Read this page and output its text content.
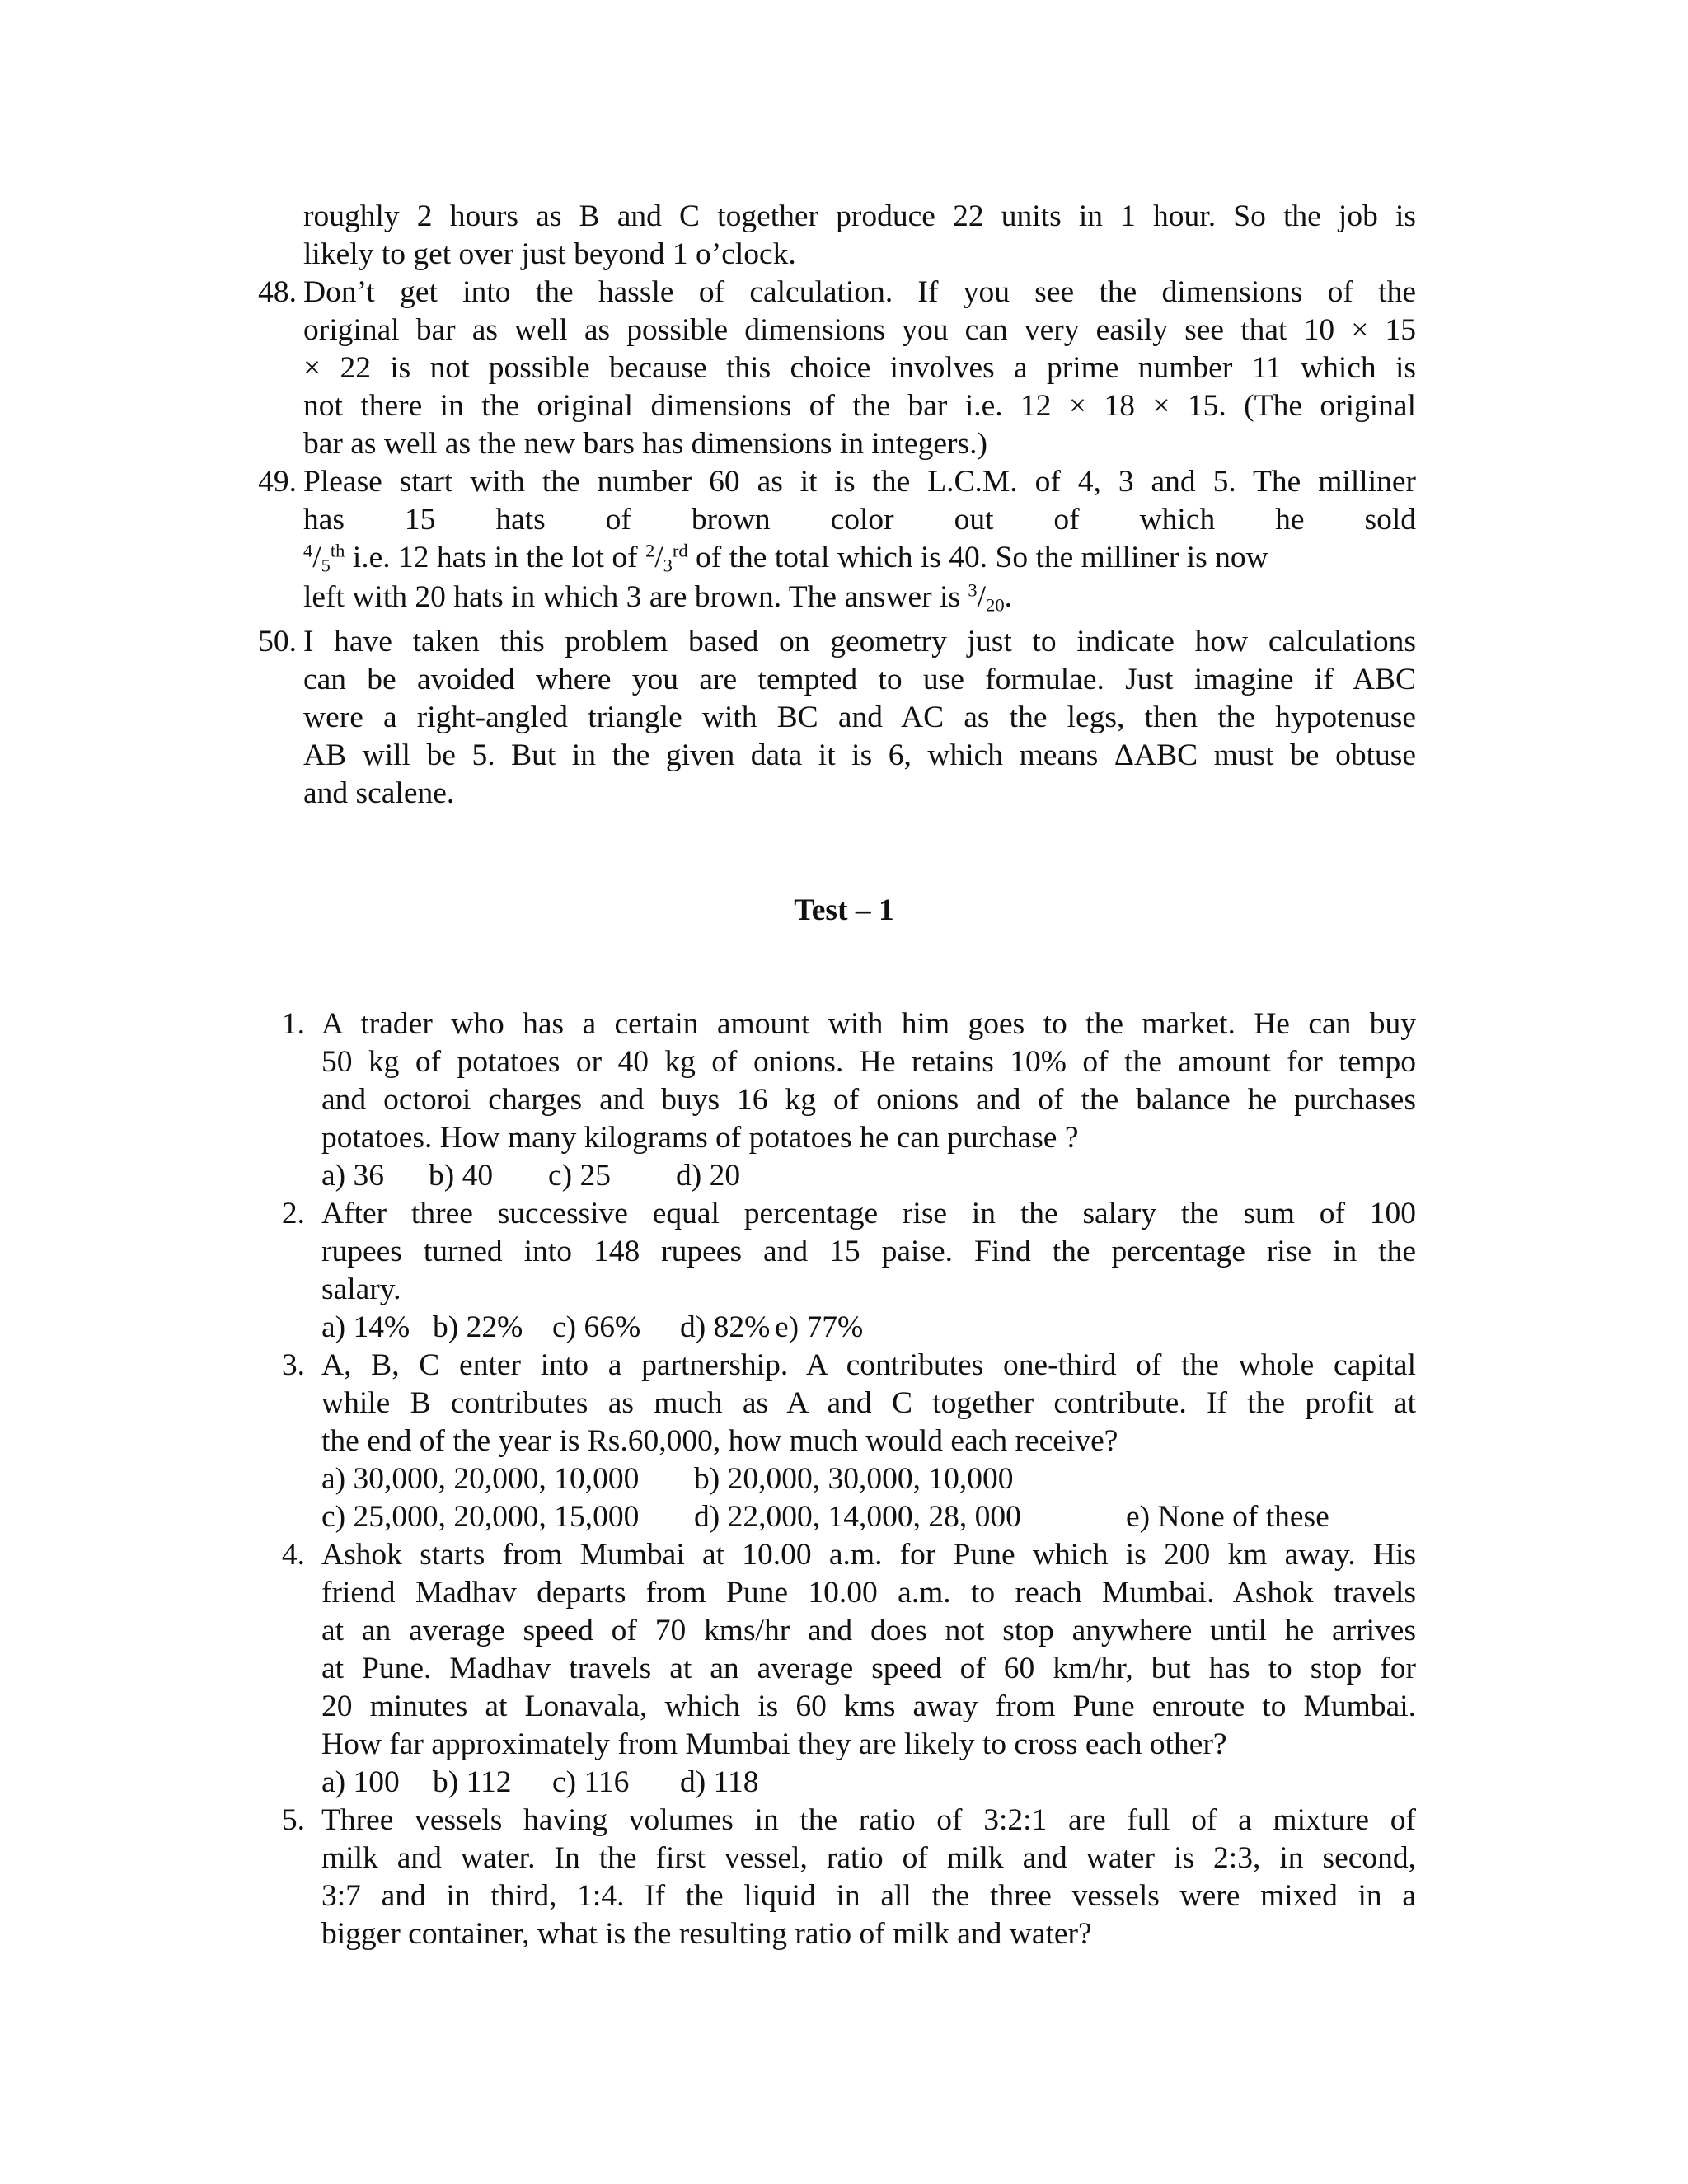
roughly 2 hours as B and C together produce 22 units in 1 hour. So the job is
likely to get over just beyond 1 o’clock.
48. Don’t get into the hassle of calculation. If you see the dimensions of the
original bar as well as possible dimensions you can very easily see that 10 × 15
× 22 is not possible because this choice involves a prime number 11 which is
not there in the original dimensions of the bar i.e. 12 × 18 × 15. (The original
bar as well as the new bars has dimensions in integers.)
49. Please start with the number 60 as it is the L.C.M. of 4, 3 and 5. The milliner
has 15 hats of brown color out of which he sold
$^4/_5^{th}$ i.e. 12 hats in the lot of $^2/_3^{rd}$ of the total which is 40. So the milliner is now
left with 20 hats in which 3 are brown. The answer is $^3/_{20}$.
50. I have taken this problem based on geometry just to indicate how calculations
can be avoided where you are tempted to use formulae. Just imagine if ABC
were a right-angled triangle with BC and AC as the legs, then the hypotenuse
AB will be 5. But in the given data it is 6, which means ΔABC must be obtuse
and scalene.
Test – 1
1. A trader who has a certain amount with him goes to the market. He can buy
50 kg of potatoes or 40 kg of onions. He retains 10% of the amount for tempo
and octoroi charges and buys 16 kg of onions and of the balance he purchases
potatoes. How many kilograms of potatoes he can purchase ?
a) 36 b) 40 c) 25 d) 20
2. After three successive equal percentage rise in the salary the sum of 100
rupees turned into 148 rupees and 15 paise. Find the percentage rise in the
salary.
a) 14% b) 22% c) 66% d) 82% e) 77%
3. A, B, C enter into a partnership. A contributes one-third of the whole capital
while B contributes as much as A and C together contribute. If the profit at
the end of the year is Rs.60,000, how much would each receive?
a) 30,000, 20,000, 10,000 b) 20,000, 30,000, 10,000
c) 25,000, 20,000, 15,000 d) 22,000, 14,000, 28, 000	e) None of these
4. Ashok starts from Mumbai at 10.00 a.m. for Pune which is 200 km away. His
friend Madhav departs from Pune 10.00 a.m. to reach Mumbai. Ashok travels
at an average speed of 70 kms/hr and does not stop anywhere until he arrives
at Pune. Madhav travels at an average speed of 60 km/hr, but has to stop for
20 minutes at Lonavala, which is 60 kms away from Pune enroute to Mumbai.
How far approximately from Mumbai they are likely to cross each other?
a) 100 b) 112 c) 116 d) 118
5. Three vessels having volumes in the ratio of 3:2:1 are full of a mixture of
milk and water. In the first vessel, ratio of milk and water is 2:3, in second,
3:7 and in third, 1:4. If the liquid in all the three vessels were mixed in a
bigger container, what is the resulting ratio of milk and water?
